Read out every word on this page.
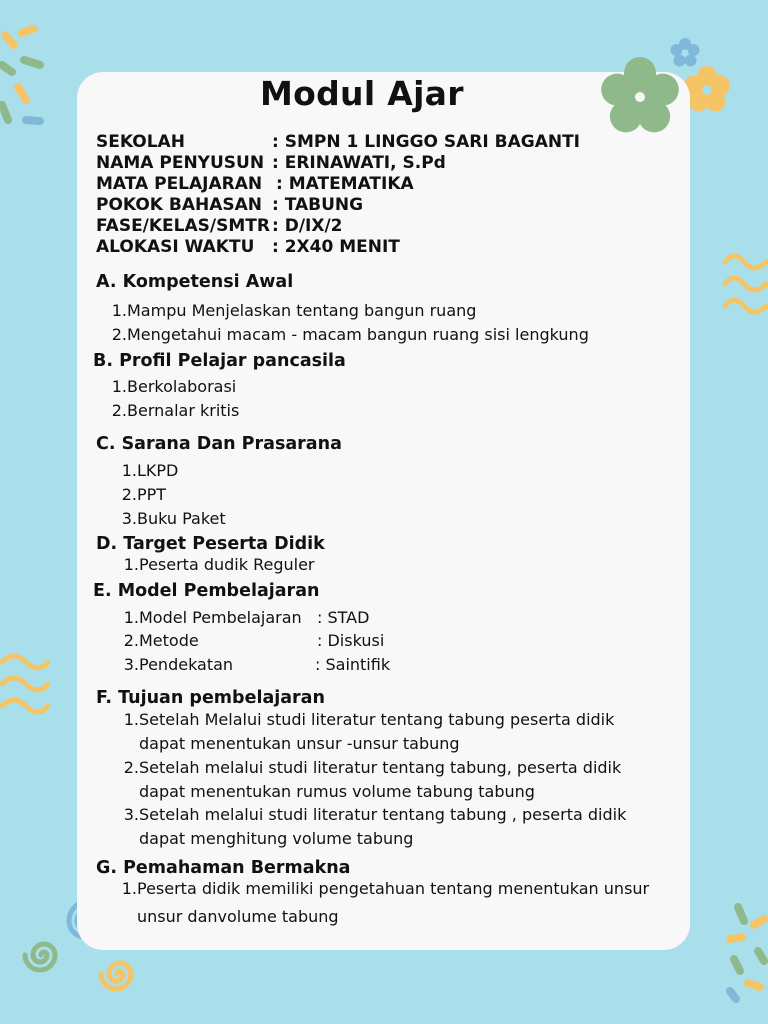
Modul Ajar
SEKOLAH	: SMPN 1 LINGGO SARI BAGANTI
NAMA PENYUSUN : ERINAWATI, S.Pd
MATA PELAJARAN : MATEMATIKA
POKOK BAHASAN : TABUNG
FASE/KELAS/SMTR : D/IX/2
ALOKASI WAKTU : 2X40 MENIT
A. Kompetensi Awal
1. Mampu Menjelaskan tentang bangun ruang
2. Mengetahui macam - macam bangun ruang sisi lengkung
B. Profil Pelajar pancasila
1. Berkolaborasi
2. Bernalar kritis
C. Sarana Dan Prasarana
1. LKPD
2. PPT
3. Buku Paket
D. Target Peserta Didik
1. Peserta dudik Reguler
E. Model Pembelajaran
1. Model Pembelajaran : STAD
2. Metode	: Diskusi
3. Pendekatan	: Saintifik
F. Tujuan pembelajaran
1. Setelah Melalui studi literatur tentang tabung peserta didik
dapat menentukan unsur -unsur tabung
2. Setelah melalui studi literatur tentang tabung, peserta didik
dapat menentukan rumus volume tabung tabung
3. Setelah melalui studi literatur tentang tabung , peserta didik
dapat menghitung volume tabung
G. Pemahaman Bermakna
1. Peserta didik memiliki pengetahuan tentang menentukan unsur
unsur danvolume tabung
